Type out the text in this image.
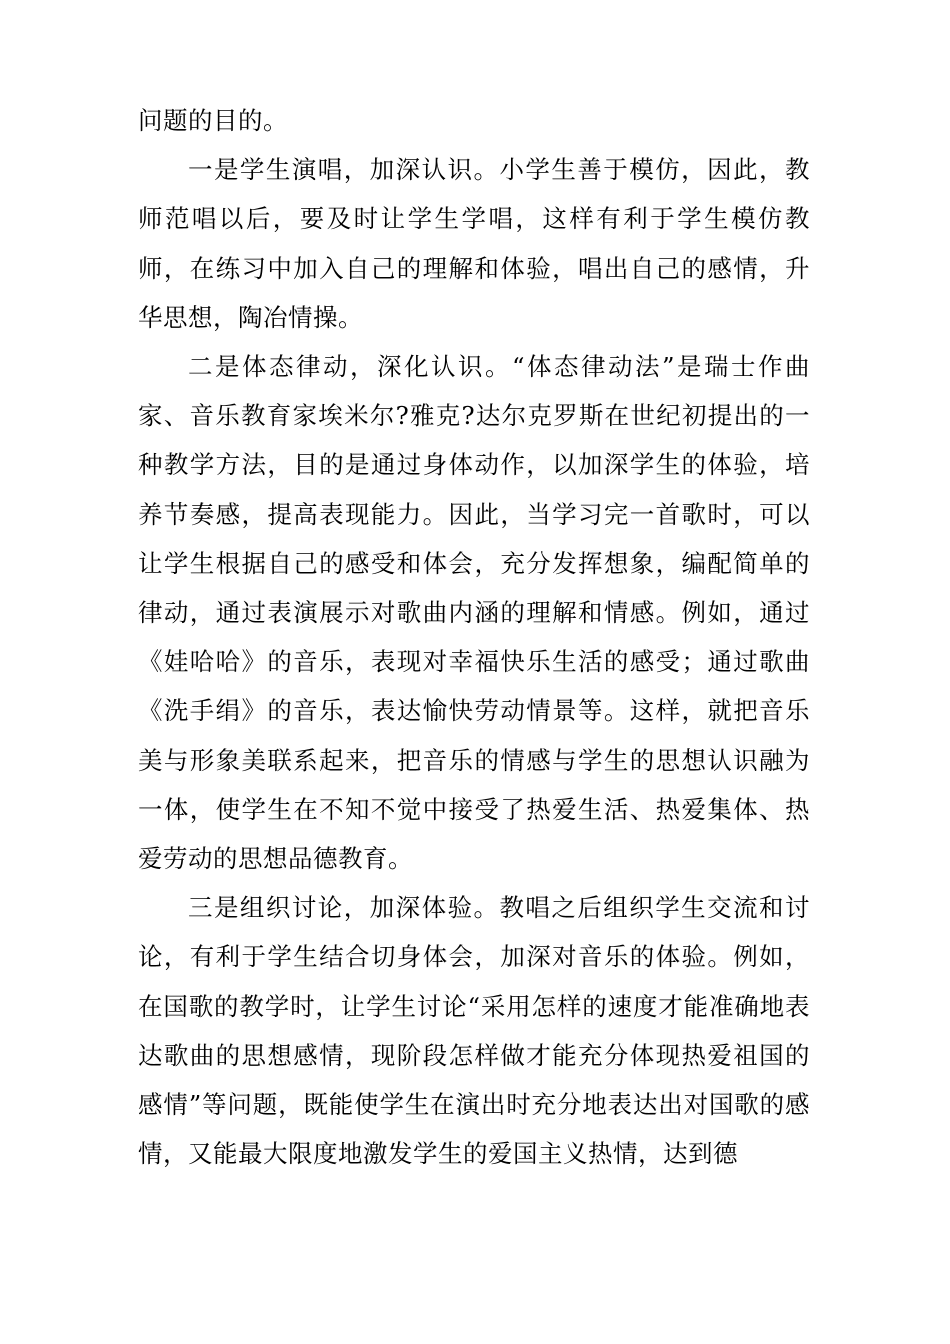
问题的目的。

一是学生演唱，加深认识。小学生善于模仿，因此，教师范唱以后，要及时让学生学唱，这样有利于学生模仿教师，在练习中加入自己的理解和体验，唱出自己的感情，升华思想，陶冶情操。

二是体态律动，深化认识。“体态律动法”是瑞士作曲家、音乐教育家埃米尔?雅克?达尔克罗斯在世纪初提出的一种教学方法，目的是通过身体动作，以加深学生的体验，培养节奏感，提高表现能力。因此，当学习完一首歌时，可以让学生根据自己的感受和体会，充分发挥想象，编配简单的律动，通过表演展示对歌曲内涵的理解和情感。例如，通过《娃哈哈》的音乐，表现对幸福快乐生活的感受；通过歌曲《洗手绢》的音乐，表达愉快劳动情景等。这样，就把音乐美与形象美联系起来，把音乐的情感与学生的思想认识融为一体，使学生在不知不觉中接受了热爱生活、热爱集体、热爱劳动的思想品德教育。

三是组织讨论，加深体验。教唱之后组织学生交流和讨论，有利于学生结合切身体会，加深对音乐的体验。例如，在国歌的教学时，让学生讨论“采用怎样的速度才能准确地表达歌曲的思想感情，现阶段怎样做才能充分体现热爱祖国的感情”等问题，既能使学生在演出时充分地表达出对国歌的感情，又能最大限度地激发学生的爱国主义热情，达到德
